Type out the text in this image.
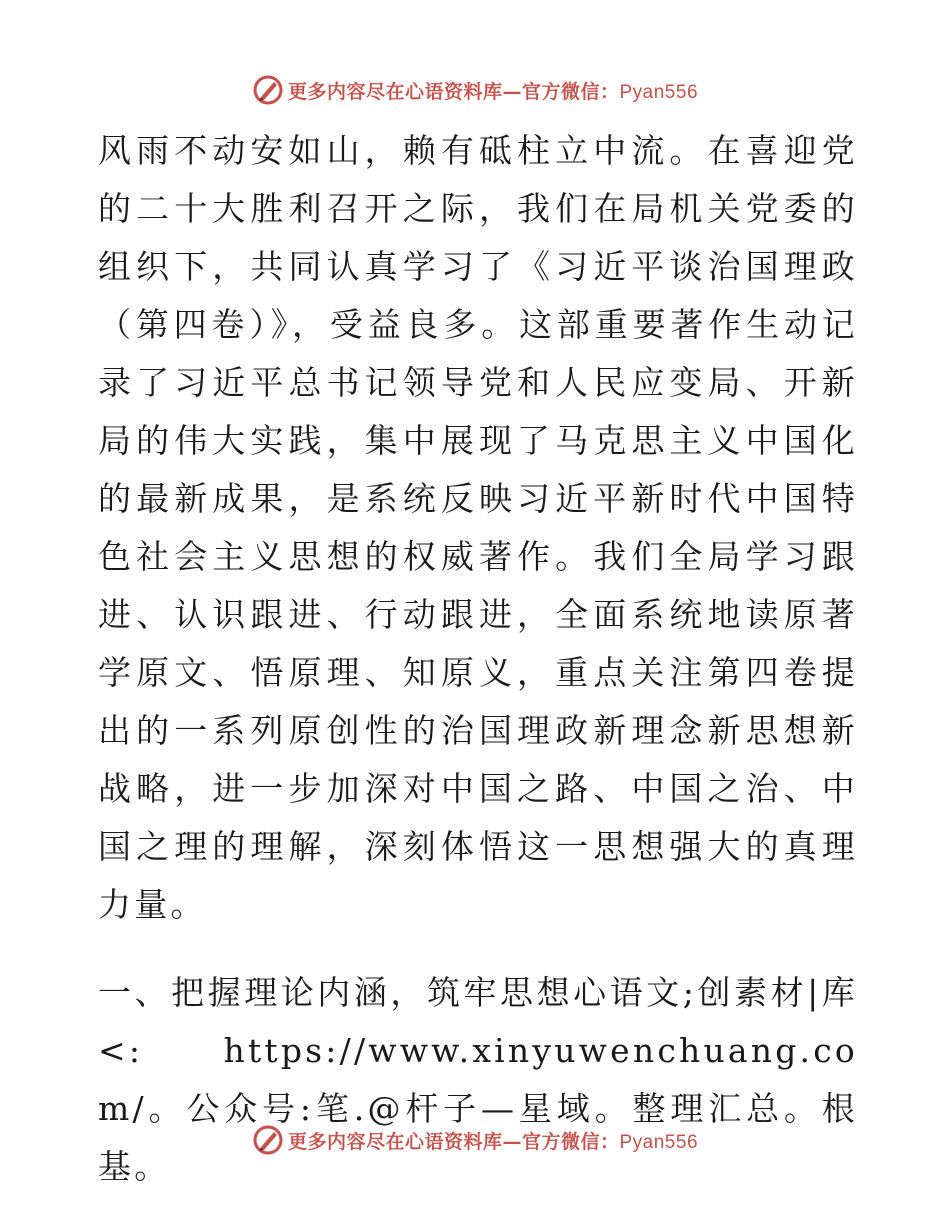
更多内容尽在心语资料库—官方微信：Pyan556

风雨不动安如山，赖有砥柱立中流。在喜迎党的二十大胜利召开之际，我们在局机关党委的组织下，共同认真学习了《习近平谈治国理政（第四卷）》，受益良多。这部重要著作生动记录了习近平总书记领导党和人民应变局、开新局的伟大实践，集中展现了马克思主义中国化的最新成果，是系统反映习近平新时代中国特色社会主义思想的权威著作。我们全局学习跟进、认识跟进、行动跟进，全面系统地读原著学原文、悟原理、知原义，重点关注第四卷提出的一系列原创性的治国理政新理念新思想新战略，进一步加深对中国之路、中国之治、中国之理的理解，深刻体悟这一思想强大的真理力量。

一、把握理论内涵，筑牢思想心语文;创素材|库<: https://www.xinyuwenchuang.com/。公众号:笔.@杆子—星域。整理汇总。根基。

更多内容尽在心语资料库—官方微信：Pyan556
